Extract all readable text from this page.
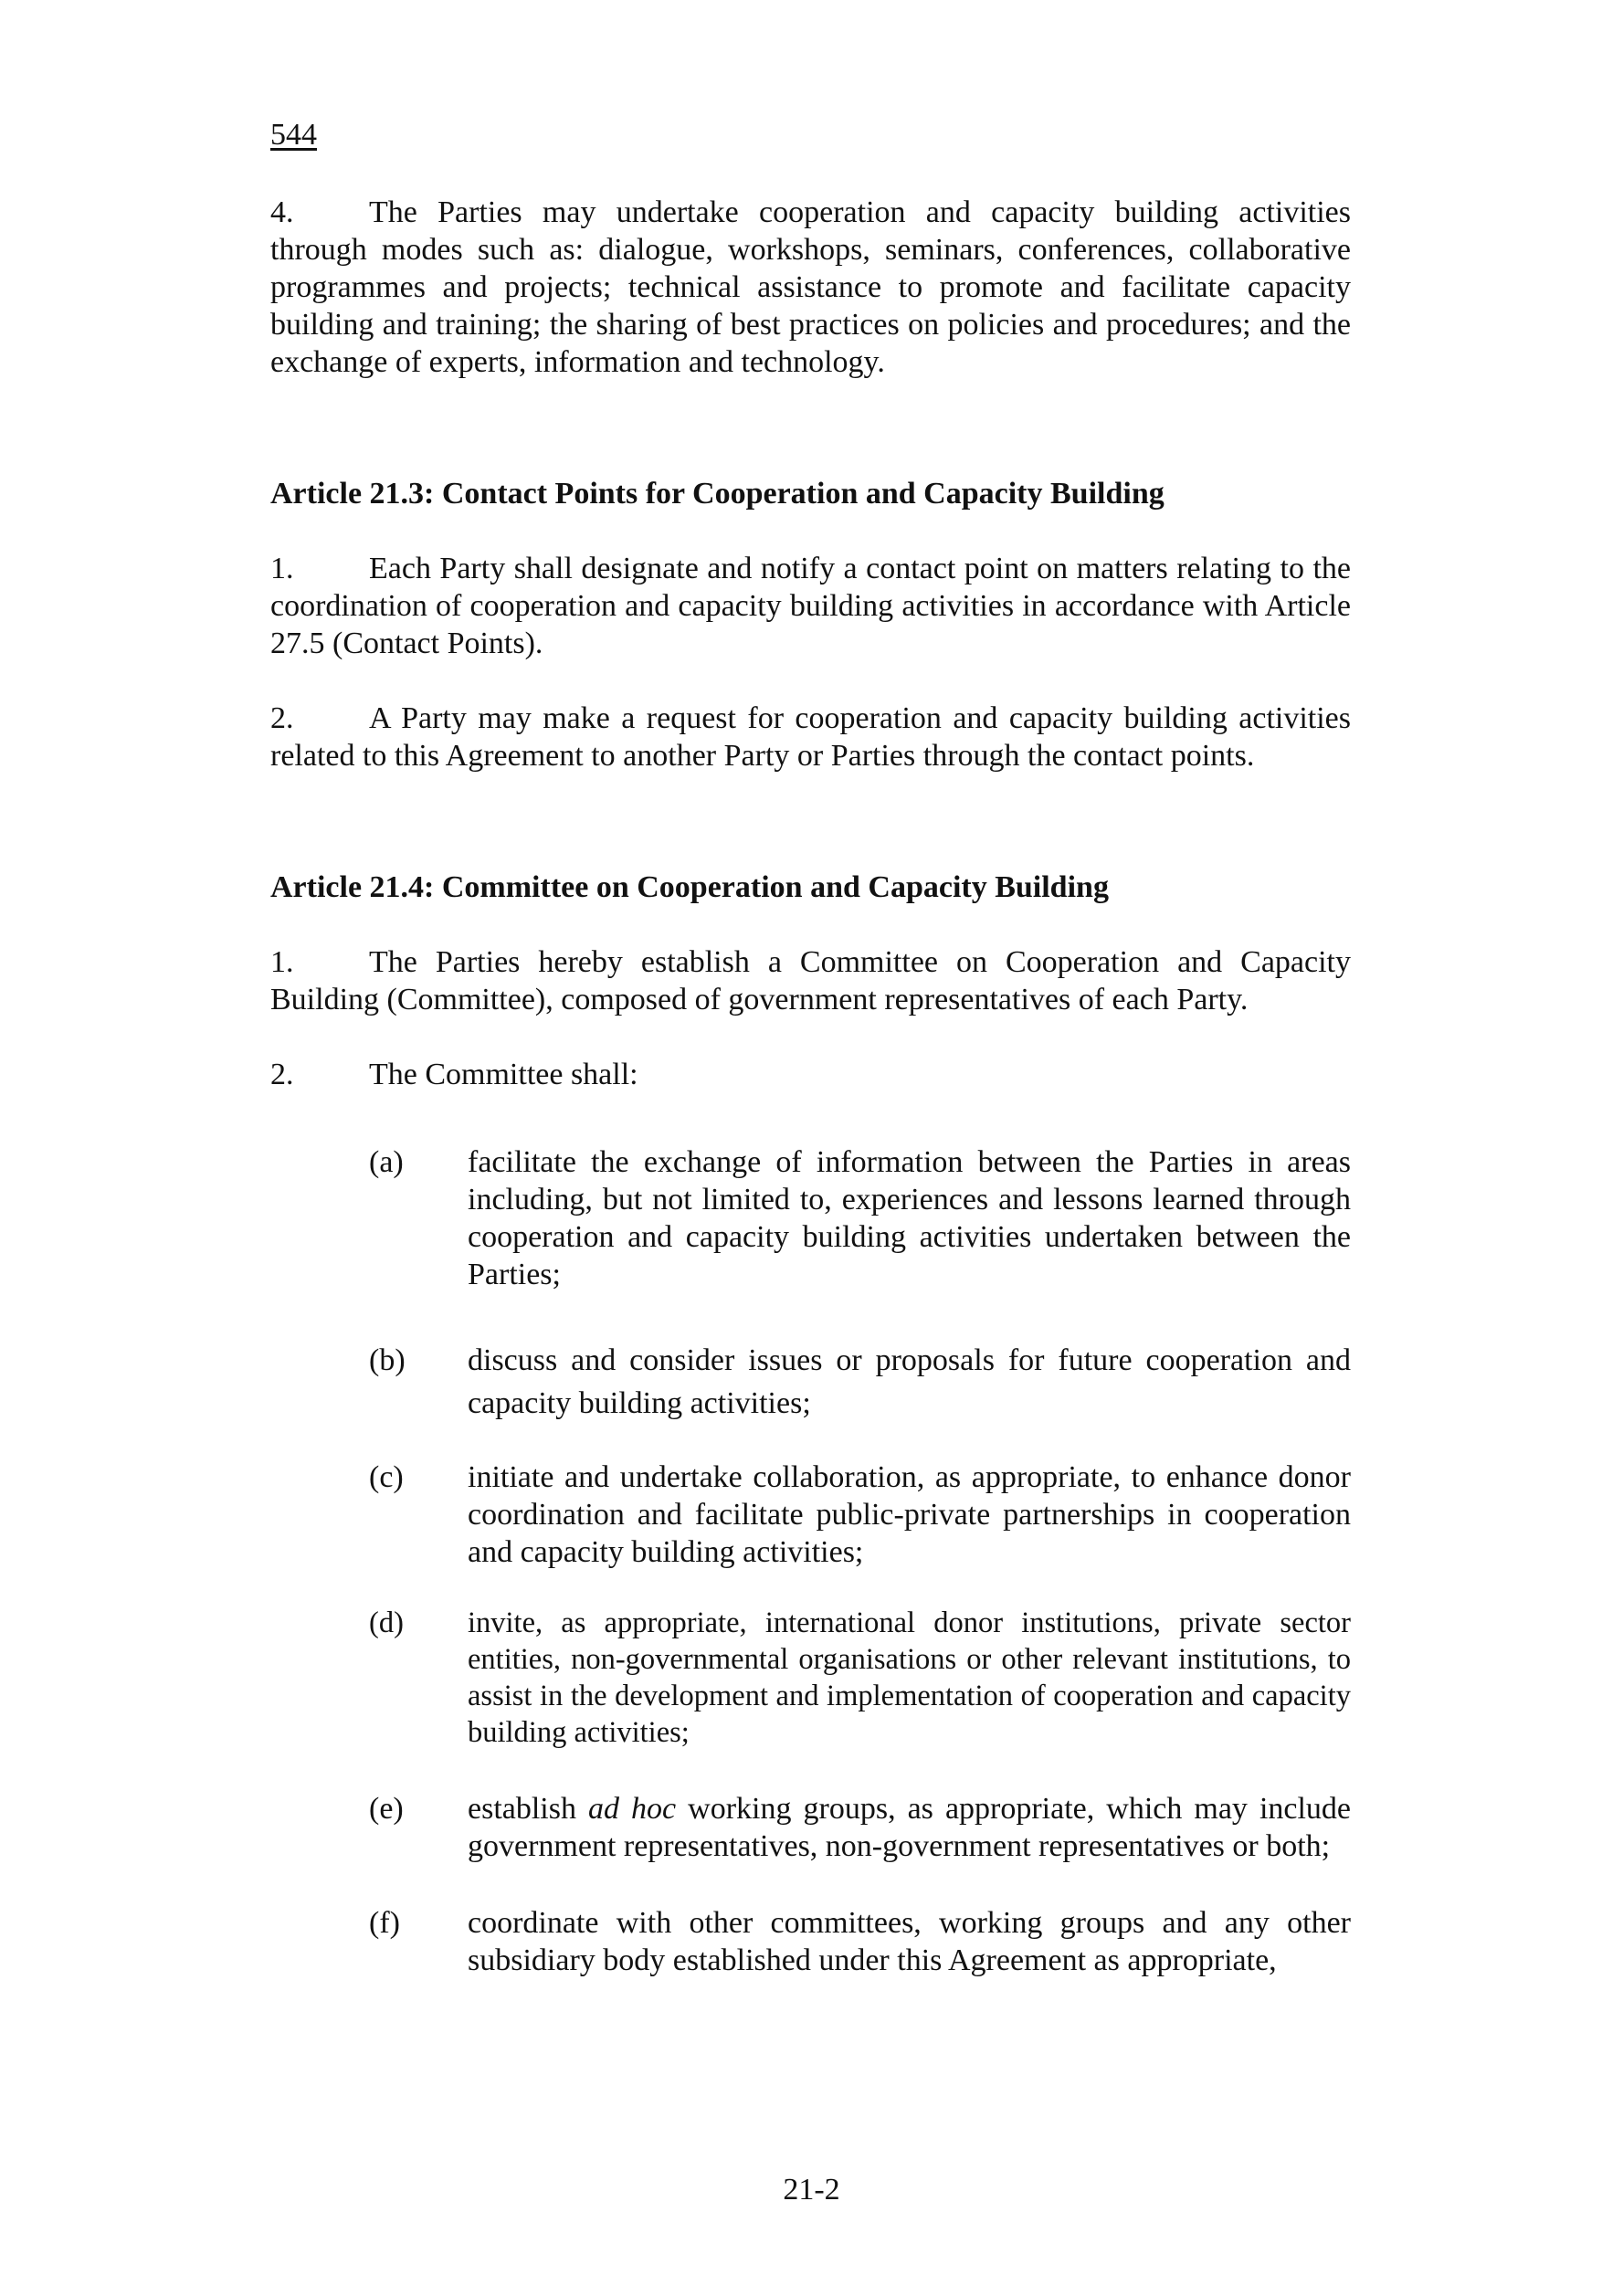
544

4. The Parties may undertake cooperation and capacity building activities through modes such as: dialogue, workshops, seminars, conferences, collaborative programmes and projects; technical assistance to promote and facilitate capacity building and training; the sharing of best practices on policies and procedures; and the exchange of experts, information and technology.

Article 21.3: Contact Points for Cooperation and Capacity Building

1. Each Party shall designate and notify a contact point on matters relating to the coordination of cooperation and capacity building activities in accordance with Article 27.5 (Contact Points).

2. A Party may make a request for cooperation and capacity building activities related to this Agreement to another Party or Parties through the contact points.

Article 21.4: Committee on Cooperation and Capacity Building

1. The Parties hereby establish a Committee on Cooperation and Capacity Building (Committee), composed of government representatives of each Party.

2. The Committee shall:

(a) facilitate the exchange of information between the Parties in areas including, but not limited to, experiences and lessons learned through cooperation and capacity building activities undertaken between the Parties;
(b) discuss and consider issues or proposals for future cooperation and capacity building activities;
(c) initiate and undertake collaboration, as appropriate, to enhance donor coordination and facilitate public-private partnerships in cooperation and capacity building activities;
(d) invite, as appropriate, international donor institutions, private sector entities, non-governmental organisations or other relevant institutions, to assist in the development and implementation of cooperation and capacity building activities;
(e) establish ad hoc working groups, as appropriate, which may include government representatives, non-government representatives or both;
(f) coordinate with other committees, working groups and any other subsidiary body established under this Agreement as appropriate,
21-2
